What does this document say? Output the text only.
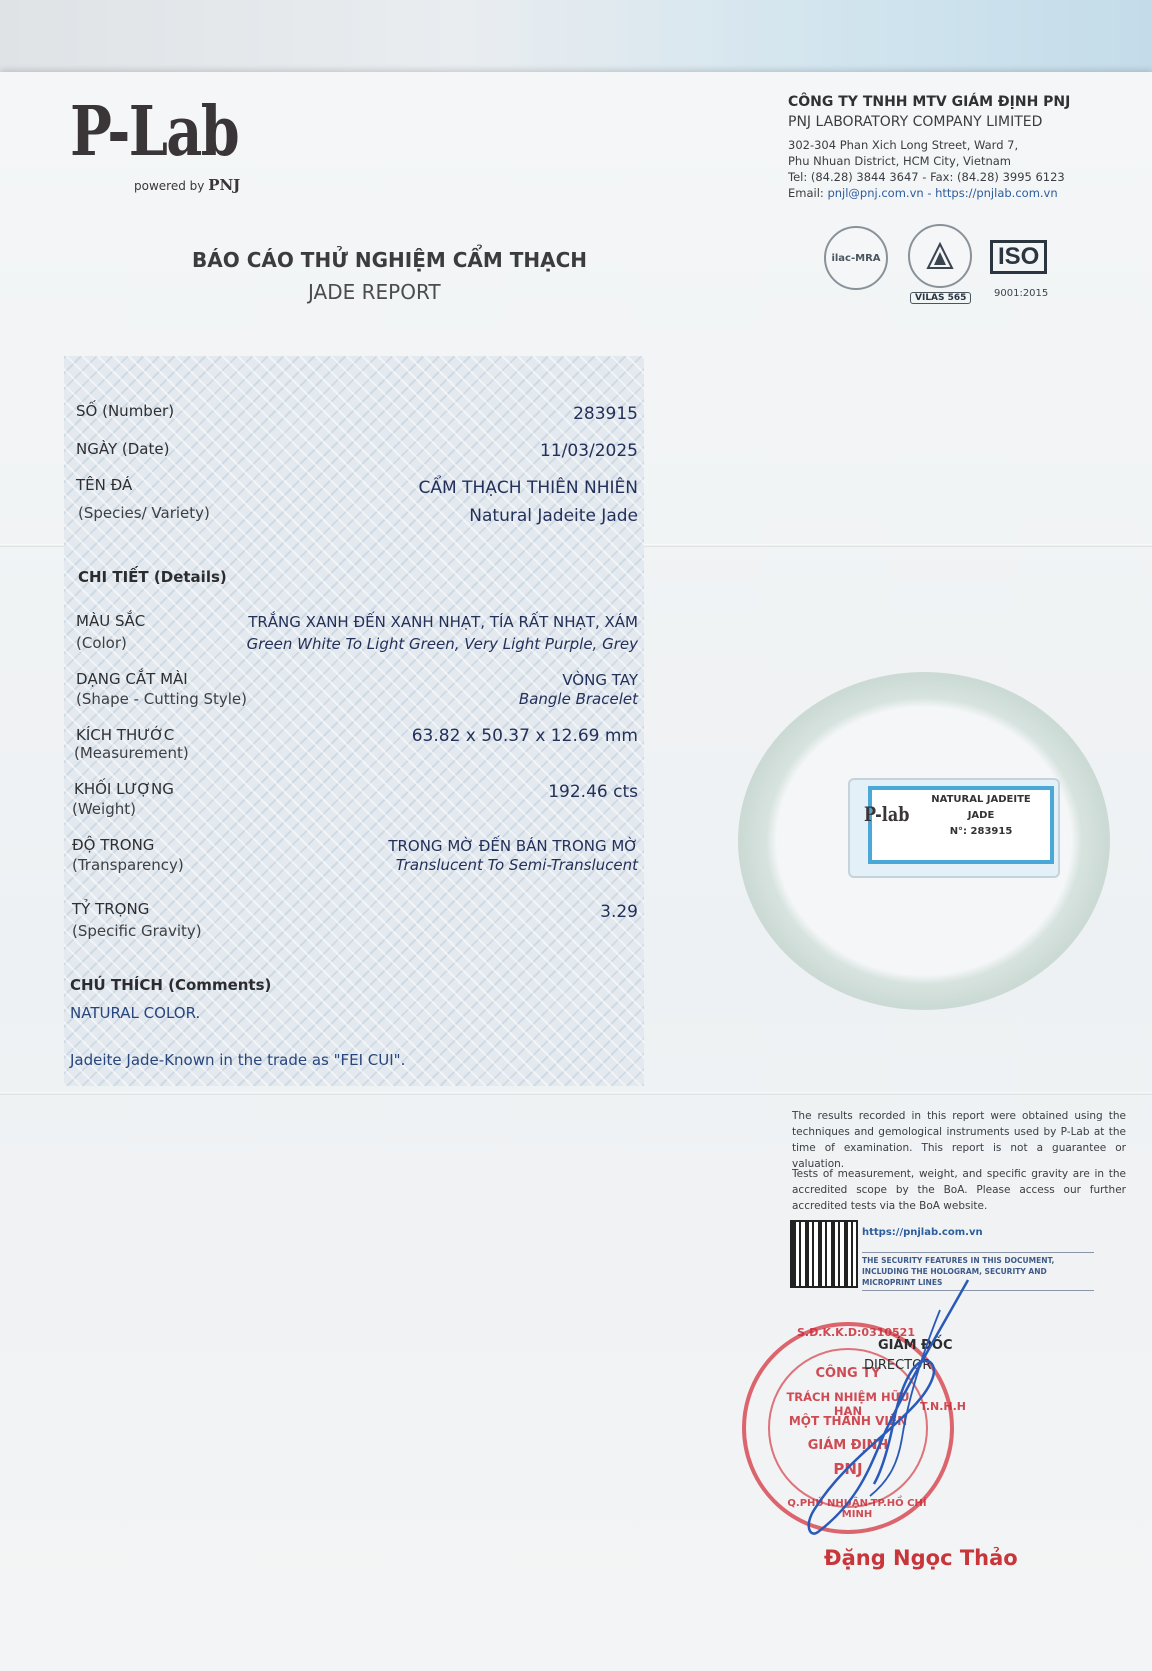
P-Lab
powered by PNJ
CÔNG TY TNHH MTV GIÁM ĐỊNH PNJ
PNJ LABORATORY COMPANY LIMITED
302-304 Phan Xich Long Street, Ward 7,
Phu Nhuan District, HCM City, Vietnam
Tel: (84.28) 3844 3647 - Fax: (84.28) 3995 6123
Email: pnjl@pnj.com.vn - https://pnjlab.com.vn
ilac-MRA
VILAS 565
ISO
9001:2015
BÁO CÁO THỬ NGHIỆM CẨM THẠCH
JADE REPORT
SỐ (Number)	283915
NGÀY (Date)	11/03/2025
TÊN ĐÁ
(Species/ Variety)
CẨM THẠCH THIÊN NHIÊN
Natural Jadeite Jade
CHI TIẾT (Details)
MÀU SẮC
(Color)
TRẮNG XANH ĐẾN XANH NHẠT, TÍA RẤT NHẠT, XÁM
Green White To Light Green, Very Light Purple, Grey
DẠNG CẮT MÀI
(Shape - Cutting Style)
VÒNG TAY
Bangle Bracelet
KÍCH THƯỚC
(Measurement)
63.82 x 50.37 x 12.69 mm
KHỐI LƯỢNG
(Weight)
192.46 cts
ĐỘ TRONG
(Transparency)
TRONG MỜ ĐẾN BÁN TRONG MỜ
Translucent To Semi-Translucent
TỶ TRỌNG
(Specific Gravity)
3.29
CHÚ THÍCH (Comments)
NATURAL COLOR.
Jadeite Jade-Known in the trade as "FEI CUI".
P-lab
NATURAL JADEITE
JADE
N°: 283915
The results recorded in this report were obtained using the techniques and gemological instruments used by P-Lab at the time of examination. This report is not a guarantee or valuation.
Tests of measurement, weight, and specific gravity are in the accredited scope by the BoA. Please access our further accredited tests via the BoA website.
https://pnjlab.com.vn
THE SECURITY FEATURES IN THIS DOCUMENT, INCLUDING THE HOLOGRAM, SECURITY AND MICROPRINT LINES
S.Đ.K.K.D:0310521
T.N.H.H
CÔNG TY
TRÁCH NHIỆM HỮU HẠN
MỘT THÀNH VIÊN
GIÁM ĐỊNH
PNJ
Q.PHÚ NHUẬN-TP.HỒ CHÍ MINH
GIÁM ĐỐC
DIRECTOR
Đặng Ngọc Thảo
